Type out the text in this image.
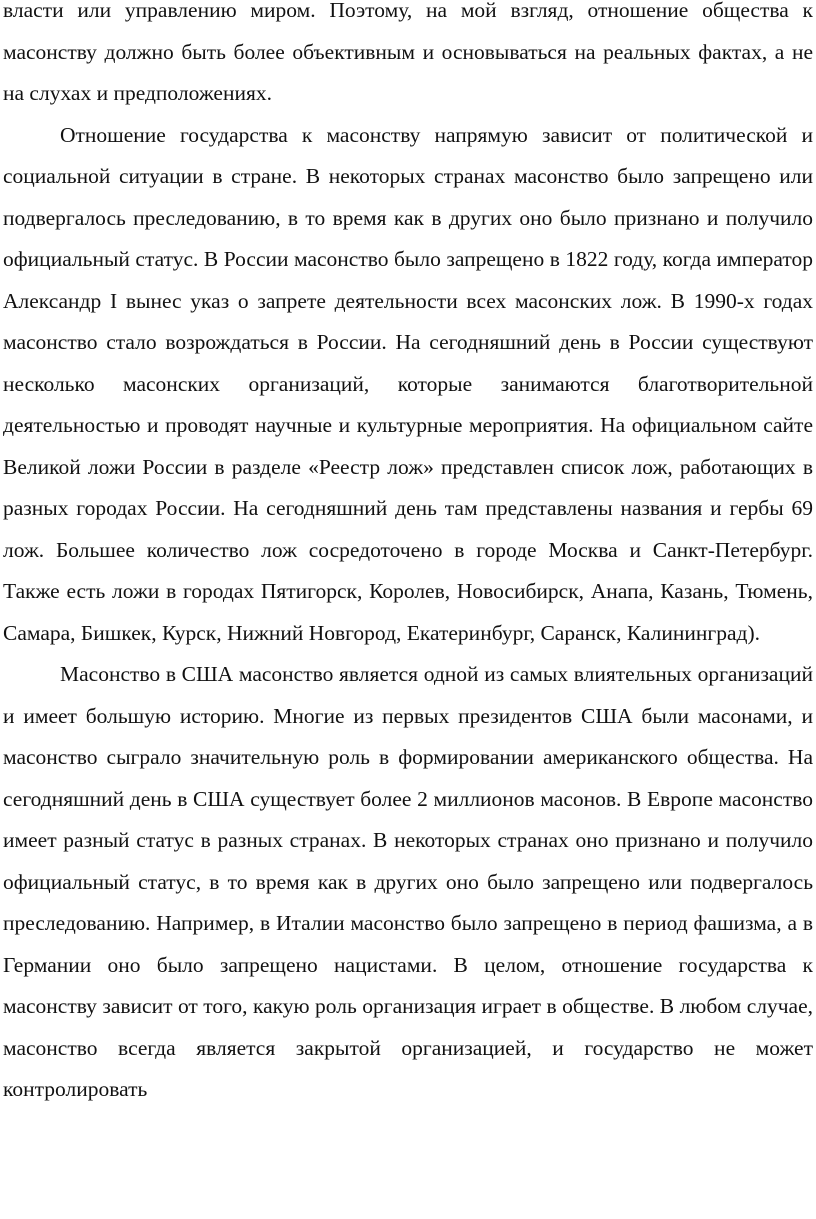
власти или управлению миром. Поэтому, на мой взгляд, отношение общества к масонству должно быть более объективным и основываться на реальных фактах, а не на слухах и предположениях.

Отношение государства к масонству напрямую зависит от политической и социальной ситуации в стране. В некоторых странах масонство было запрещено или подвергалось преследованию, в то время как в других оно было признано и получило официальный статус. В России масонство было запрещено в 1822 году, когда император Александр I вынес указ о запрете деятельности всех масонских лож. В 1990-х годах масонство стало возрождаться в России. На сегодняшний день в России существуют несколько масонских организаций, которые занимаются благотворительной деятельностью и проводят научные и культурные мероприятия. На официальном сайте Великой ложи России в разделе «Реестр лож» представлен список лож, работающих в разных городах России. На сегодняшний день там представлены названия и гербы 69 лож. Большее количество лож сосредоточено в городе Москва и Санкт-Петербург. Также есть ложи в городах Пятигорск, Королев, Новосибирск, Анапа, Казань, Тюмень, Самара, Бишкек, Курск, Нижний Новгород, Екатеринбург, Саранск, Калининград).

Масонство в США масонство является одной из самых влиятельных организаций и имеет большую историю. Многие из первых президентов США были масонами, и масонство сыграло значительную роль в формировании американского общества. На сегодняшний день в США существует более 2 миллионов масонов. В Европе масонство имеет разный статус в разных странах. В некоторых странах оно признано и получило официальный статус, в то время как в других оно было запрещено или подвергалось преследованию. Например, в Италии масонство было запрещено в период фашизма, а в Германии оно было запрещено нацистами. В целом, отношение государства к масонству зависит от того, какую роль организация играет в обществе. В любом случае, масонство всегда является закрытой организацией, и государство не может контролировать
